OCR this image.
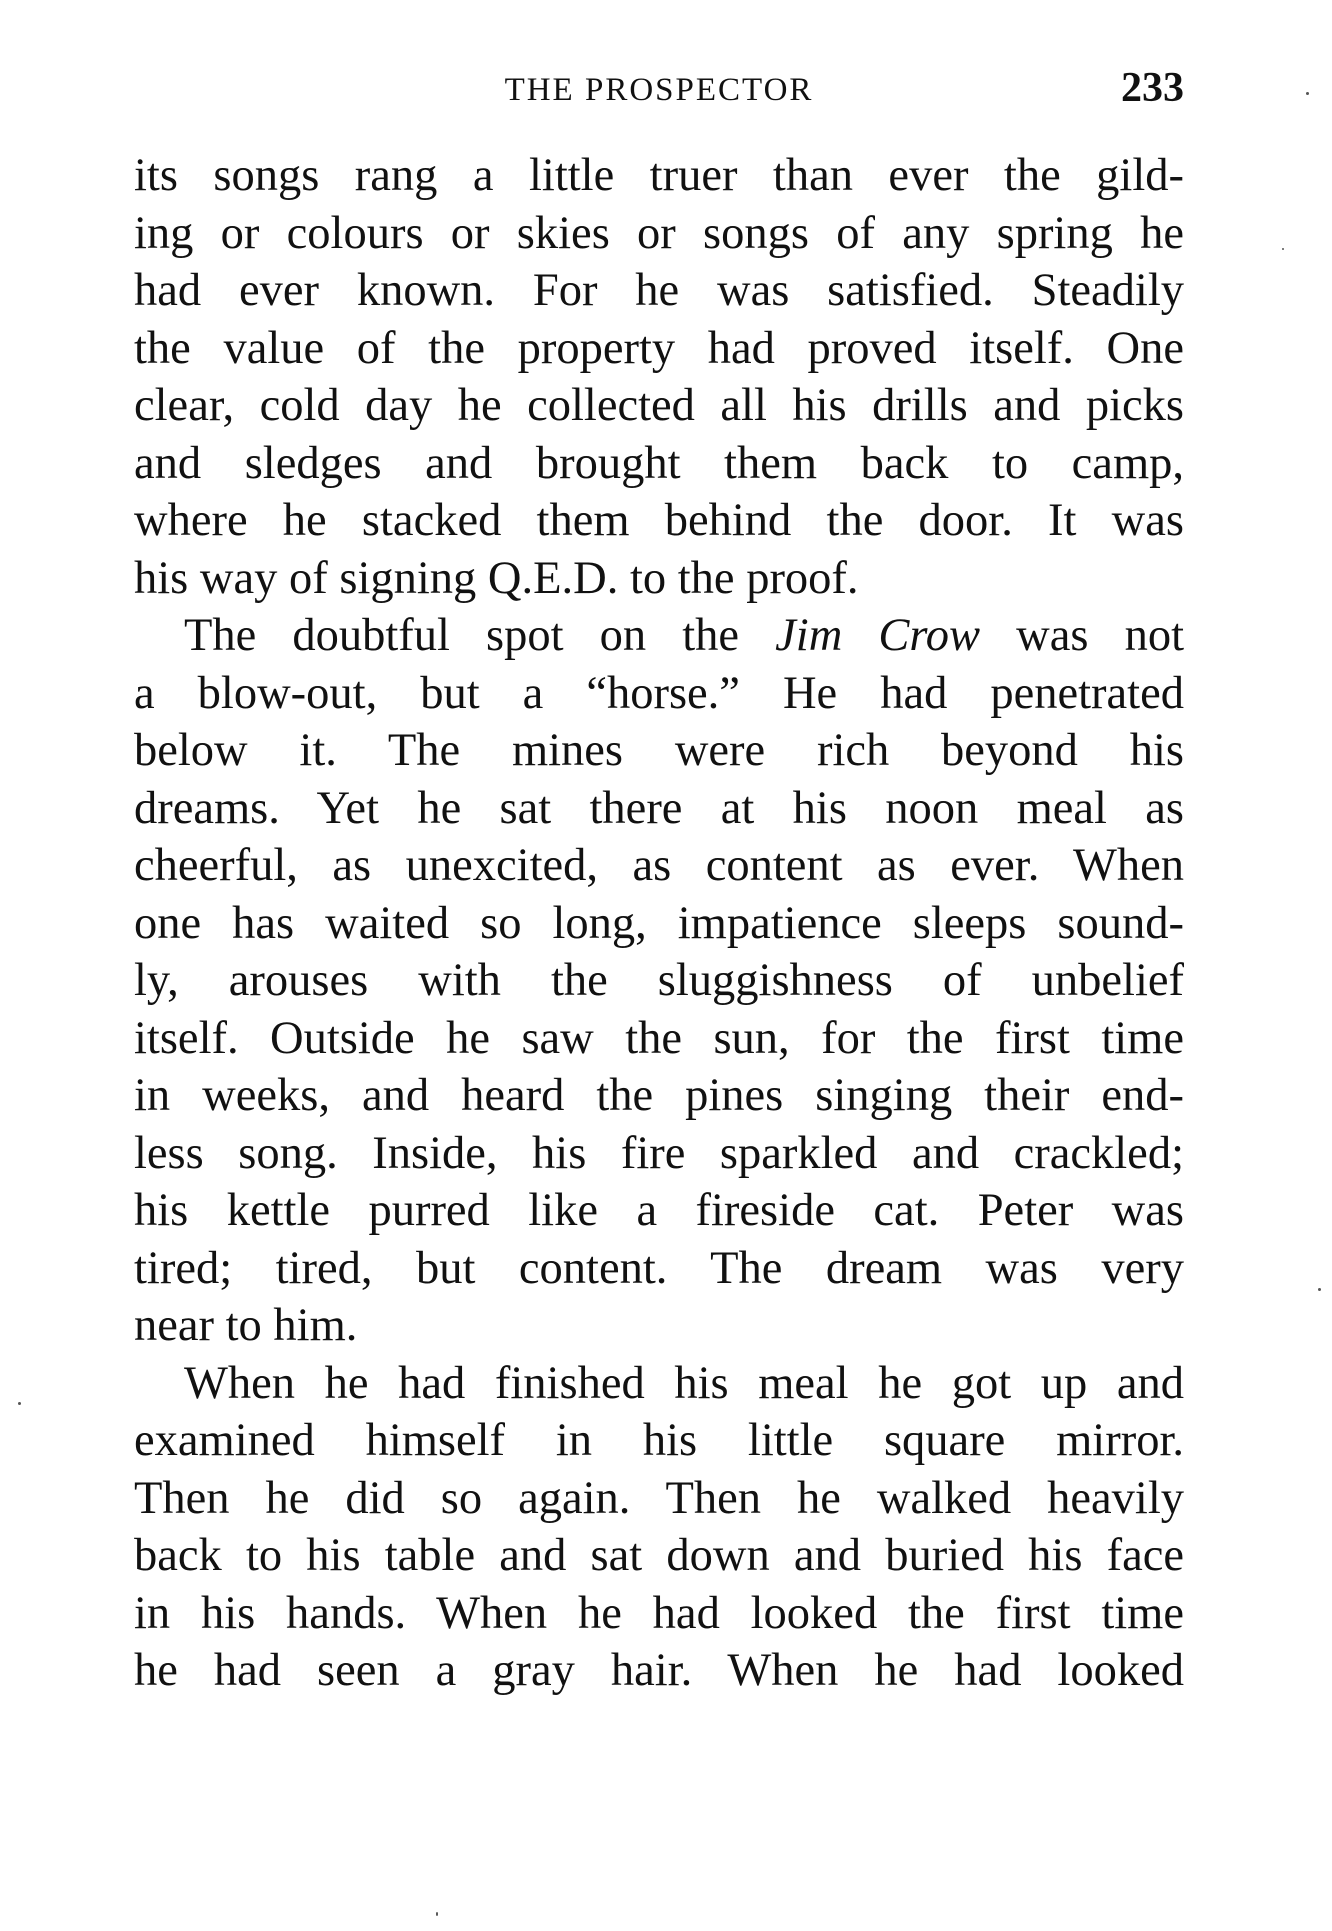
THE PROSPECTOR	233
its songs rang a little truer than ever the gild-
ing or colours or skies or songs of any spring he
had ever known. For he was satisfied. Steadily
the value of the property had proved itself. One
clear, cold day he collected all his drills and picks
and sledges and brought them back to camp,
where he stacked them behind the door. It was
his way of signing Q.E.D. to the proof.
The doubtful spot on the Jim Crow was not
a blow-out, but a “horse.” He had penetrated
below it. The mines were rich beyond his
dreams. Yet he sat there at his noon meal as
cheerful, as unexcited, as content as ever. When
one has waited so long, impatience sleeps sound-
ly, arouses with the sluggishness of unbelief
itself. Outside he saw the sun, for the first time
in weeks, and heard the pines singing their end-
less song. Inside, his fire sparkled and crackled;
his kettle purred like a fireside cat. Peter was
tired; tired, but content. The dream was very
near to him.
When he had finished his meal he got up and
examined himself in his little square mirror.
Then he did so again. Then he walked heavily
back to his table and sat down and buried his face
in his hands. When he had looked the first time
he had seen a gray hair. When he had looked
